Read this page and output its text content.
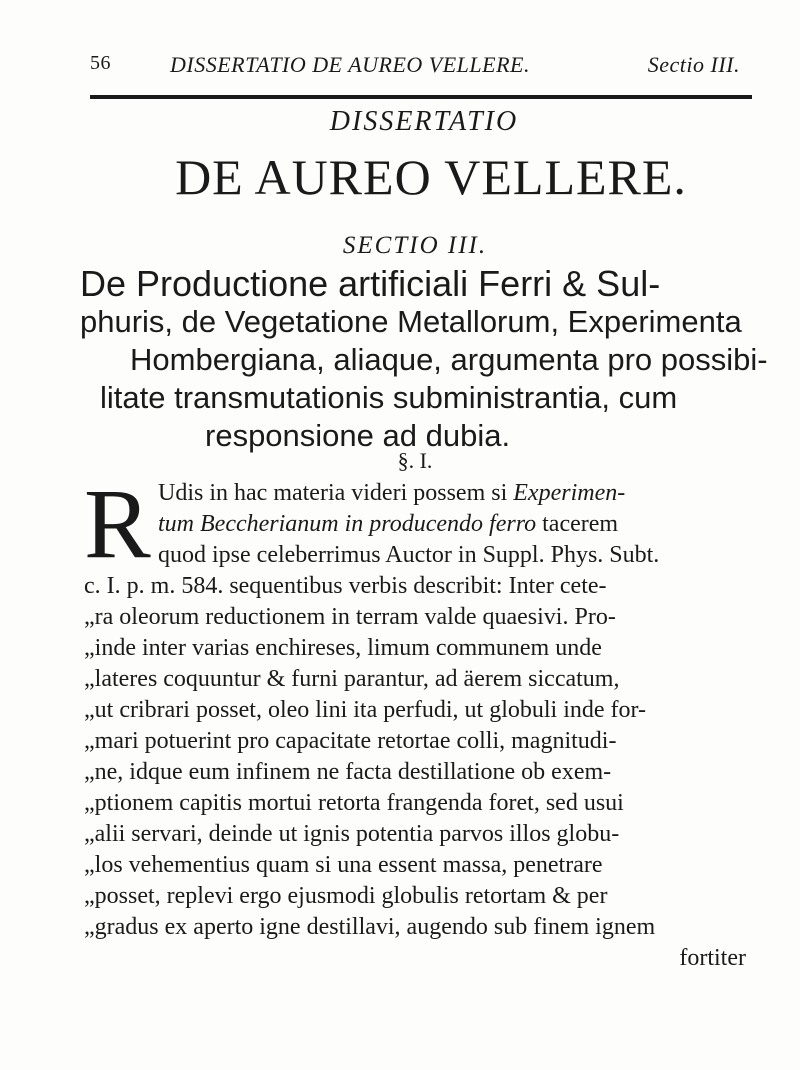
56	DISSERTATIO DE AUREO VELLERE.	Sectio III.
DISSERTATIO
DE AUREO VELLERE.
SECTIO III.
De Productione artificiali Ferri & Sul-
phuris, de Vegetatione Metallorum, Experimenta
Hombergiana, aliaque, argumenta pro possibi-
litate transmutationis subministrantia, cum
responsione ad dubia.
§. I.
R Udis in hac materia videri possem si Experimen-
tum Beccherianum in producendo ferro tacerem
quod ipse celeberrimus Auctor in Suppl. Phys. Subt.
c. I. p. m. 584. sequentibus verbis describit: Inter cete-
„ra oleorum reductionem in terram valde quaesivi. Pro-
„inde inter varias enchireses, limum communem unde
„lateres coquuntur & furni parantur, ad äerem siccatum,
„ut cribrari posset, oleo lini ita perfudi, ut globuli inde for-
„mari potuerint pro capacitate retortae colli, magnitudi-
„ne, idque eum infinem ne facta destillatione ob exem-
„ptionem capitis mortui retorta frangenda foret, sed usui
„alii servari, deinde ut ignis potentia parvos illos globu-
„los vehementius quam si una essent massa, penetrare
„posset, replevi ergo ejusmodi globulis retortam & per
„gradus ex aperto igne destillavi, augendo sub finem ignem
fortiter
